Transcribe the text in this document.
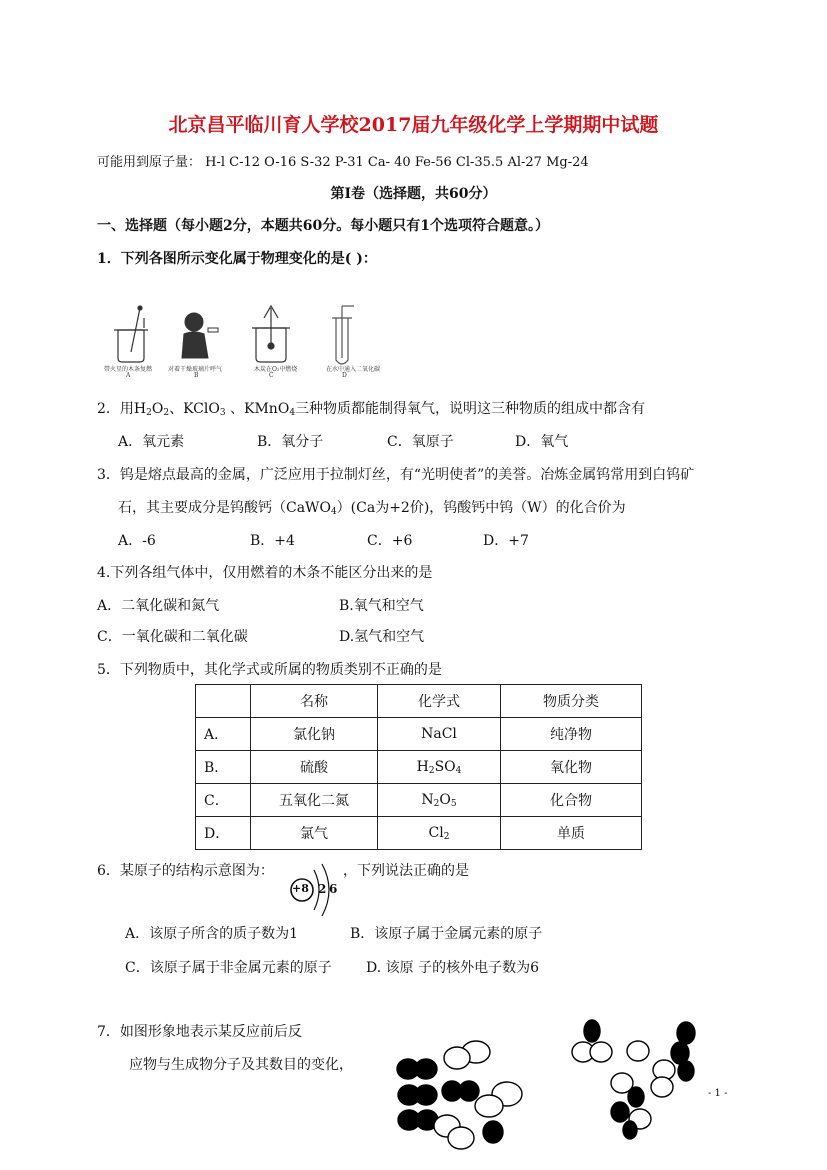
北京昌平临川育人学校2017届九年级化学上学期期中试题
可能用到原子量： H-l C-12 O-16 S-32 P-31 Ca- 40 Fe-56 Cl-35.5 Al-27 Mg-24
第Ⅰ卷（选择题，共60分）
一、选择题（每小题2分，本题共60分。每小题只有1个选项符合题意。）
1．下列各图所示变化属于物理变化的是( )：
带火星的木条复燃	对着干燥玻璃片呼气	木炭在O₂中燃烧	在水中通入二氧化碳
A	B	C	D
2．用$H_2O_2$、KClO$_3$ 、KMnO$_4$三种物质都能制得氧气，说明这三种物质的组成中都含有
A．氧元素	B．氧分子	C．氧原子	D．氧气
3．钨是熔点最高的金属，广泛应用于拉制灯丝，有“光明使者”的美誉。冶炼金属钨常用到白钨矿
石，其主要成分是钨酸钙（CaWO$_4$）(Ca为+2价)，钨酸钙中钨（W）的化合价为
A．-6	B．+4	C．+6	D．+7
4.下列各组气体中，仅用燃着的木条不能区分出来的是
A．二氧化碳和氮气	B.氧气和空气
C．一氧化碳和二氧化碳	D.氢气和空气
5．下列物质中，其化学式或所属的物质类别不正确的是
	名称	化学式	物质分类
A．	氯化钠	NaCl	纯净物
B．	硫酸	$H_2SO_4$	氧化物
C．	五氧化二氮	$N_2O_5$	化合物
D．	氯气	$Cl_2$	单质
6．某原子的结构示意图为：	，下列说法正确的是
+8 2 6
A．该原子所含的质子数为1	B．该原子属于金属元素的原子
C．该原子属于非金属元素的原子 D. 该原 子的核外电子数为6
7．如图形象地表示某反应前后反
应物与生成物分子及其数目的变化，
- 1 -
